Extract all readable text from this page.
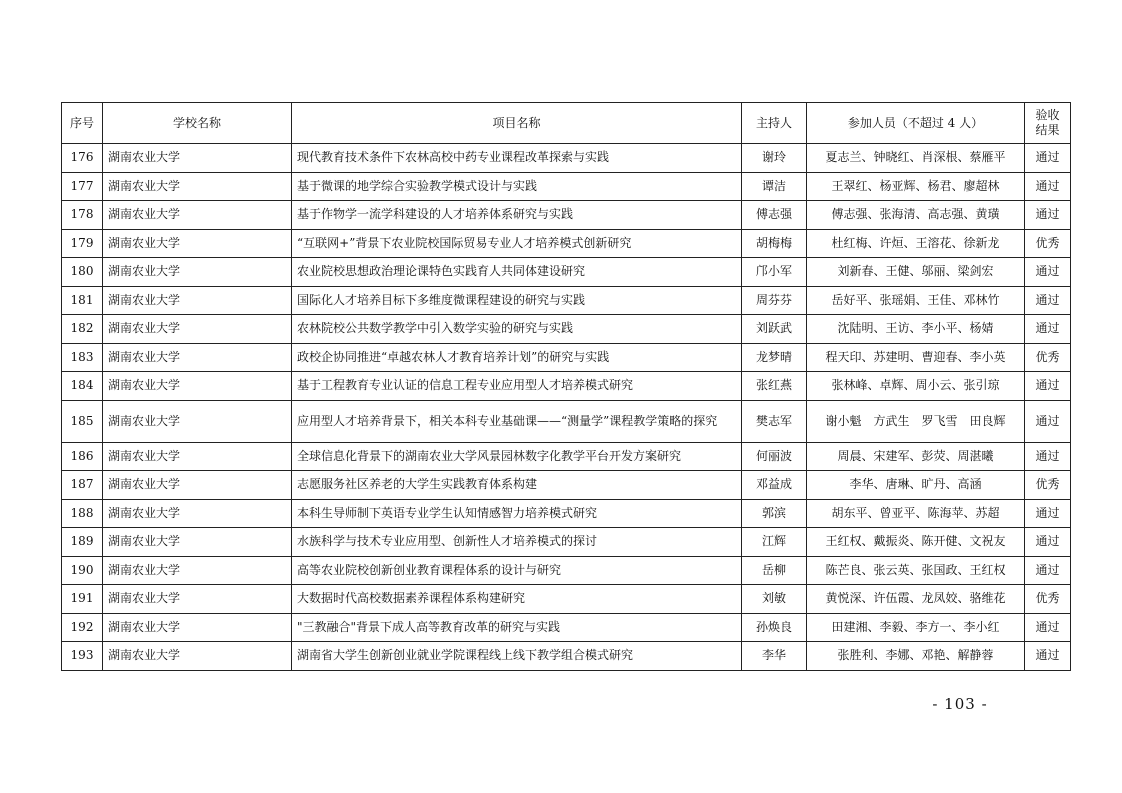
序号	学校名称	项目名称	主持人	参加人员（不超过 4 人）	验收结果
176	湖南农业大学	现代教育技术条件下农林高校中药专业课程改革探索与实践	谢玲	夏志兰、钟晓红、肖深根、蔡雁平	通过
177	湖南农业大学	基于微课的地学综合实验教学模式设计与实践	谭洁	王翠红、杨亚辉、杨君、廖超林	通过
178	湖南农业大学	基于作物学一流学科建设的人才培养体系研究与实践	傅志强	傅志强、张海清、高志强、黄璜	通过
179	湖南农业大学	“互联网+”背景下农业院校国际贸易专业人才培养模式创新研究	胡梅梅	杜红梅、许烜、王溶花、徐新龙	优秀
180	湖南农业大学	农业院校思想政治理论课特色实践育人共同体建设研究	邝小军	刘新春、王健、邬丽、梁剑宏	通过
181	湖南农业大学	国际化人才培养目标下多维度微课程建设的研究与实践	周芬芬	岳好平、张瑶娟、王佳、邓林竹	通过
182	湖南农业大学	农林院校公共数学教学中引入数学实验的研究与实践	刘跃武	沈陆明、王访、李小平、杨婧	通过
183	湖南农业大学	政校企协同推进“卓越农林人才教育培养计划”的研究与实践	龙梦晴	程天印、苏建明、曹迎春、李小英	优秀
184	湖南农业大学	基于工程教育专业认证的信息工程专业应用型人才培养模式研究	张红燕	张林峰、卓辉、周小云、张引琼	通过
185	湖南农业大学	应用型人才培养背景下，相关本科专业基础课——“测量学”课程教学策略的探究	樊志军	谢小魁　方武生　罗飞雪　田良辉	通过
186	湖南农业大学	全球信息化背景下的湖南农业大学风景园林数字化教学平台开发方案研究	何丽波	周晨、宋建军、彭荧、周湛曦	通过
187	湖南农业大学	志愿服务社区养老的大学生实践教育体系构建	邓益成	李华、唐琳、旷丹、高涵	优秀
188	湖南农业大学	本科生导师制下英语专业学生认知情感智力培养模式研究	郭滨	胡东平、曾亚平、陈海苹、苏超	通过
189	湖南农业大学	水族科学与技术专业应用型、创新性人才培养模式的探讨	江辉	王红权、戴振炎、陈开健、文祝友	通过
190	湖南农业大学	高等农业院校创新创业教育课程体系的设计与研究	岳柳	陈芒良、张云英、张国政、王红权	通过
191	湖南农业大学	大数据时代高校数据素养课程体系构建研究	刘敏	黄悦深、许伍霞、龙凤姣、骆维花	优秀
192	湖南农业大学	"三教融合"背景下成人高等教育改革的研究与实践	孙焕良	田建湘、李毅、李方一、李小红	通过
193	湖南农业大学	湖南省大学生创新创业就业学院课程线上线下教学组合模式研究	李华	张胜利、李娜、邓艳、解静蓉	通过
- 103 -
